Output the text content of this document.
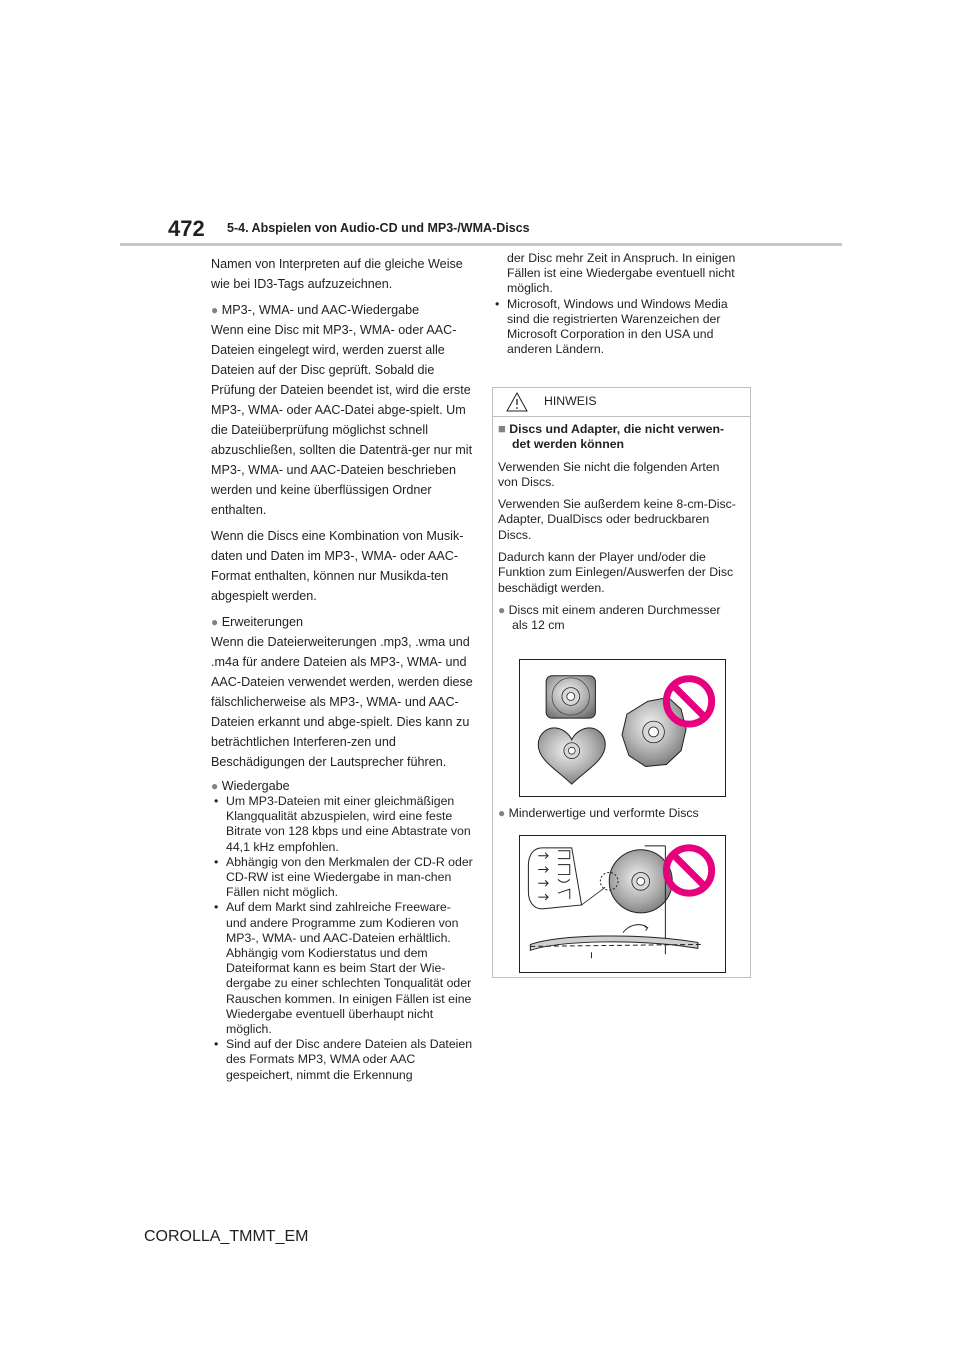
472 5-4. Abspielen von Audio-CD und MP3-/WMA-Discs

Namen von Interpreten auf die gleiche Weise wie bei ID3-Tags aufzuzeichnen.

● MP3-, WMA- und AAC-Wiedergabe

Wenn eine Disc mit MP3-, WMA- oder AAC-Dateien eingelegt wird, werden zuerst alle Dateien auf der Disc geprüft. Sobald die Prüfung der Dateien beendet ist, wird die erste MP3-, WMA- oder AAC-Datei abge-spielt. Um die Dateiüberprüfung möglichst schnell abzuschließen, sollten die Datenträ-ger nur mit MP3-, WMA- und AAC-Dateien beschrieben werden und keine überflüssigen Ordner enthalten.

Wenn die Discs eine Kombination von Musik-daten und Daten im MP3-, WMA- oder AAC-Format enthalten, können nur Musikda-ten abgespielt werden.

● Erweiterungen

Wenn die Dateierweiterungen .mp3, .wma und .m4a für andere Dateien als MP3-, WMA- und AAC-Dateien verwendet werden, werden diese fälschlicherweise als MP3-, WMA- und AAC-Dateien erkannt und abge-spielt. Dies kann zu beträchtlichen Interferen-zen und Beschädigungen der Lautsprecher führen.

● Wiedergabe

• Um MP3-Dateien mit einer gleichmäßigen Klangqualität abzuspielen, wird eine feste Bitrate von 128 kbps und eine Abtastrate von 44,1 kHz empfohlen.
• Abhängig von den Merkmalen der CD-R oder CD-RW ist eine Wiedergabe in man-chen Fällen nicht möglich.
• Auf dem Markt sind zahlreiche Freeware- und andere Programme zum Kodieren von MP3-, WMA- und AAC-Dateien erhältlich. Abhängig vom Kodierstatus und dem Dateiformat kann es beim Start der Wie-dergabe zu einer schlechten Tonqualität oder Rauschen kommen. In einigen Fällen ist eine Wiedergabe eventuell überhaupt nicht möglich.
• Sind auf der Disc andere Dateien als Dateien des Formats MP3, WMA oder AAC gespeichert, nimmt die Erkennung
der Disc mehr Zeit in Anspruch. In einigen Fällen ist eine Wiedergabe eventuell nicht möglich.
• Microsoft, Windows und Windows Media sind die registrierten Warenzeichen der Microsoft Corporation in den USA und anderen Ländern.
HINWEIS

■ Discs und Adapter, die nicht verwen-det werden können

Verwenden Sie nicht die folgenden Arten von Discs.

Verwenden Sie außerdem keine 8-cm-Disc-Adapter, DualDiscs oder bedruckbaren Discs.

Dadurch kann der Player und/oder die Funktion zum Einlegen/Auswerfen der Disc beschädigt werden.

● Discs mit einem anderen Durchmesser als 12 cm

● Minderwertige und verformte Discs
COROLLA_TMMT_EM
